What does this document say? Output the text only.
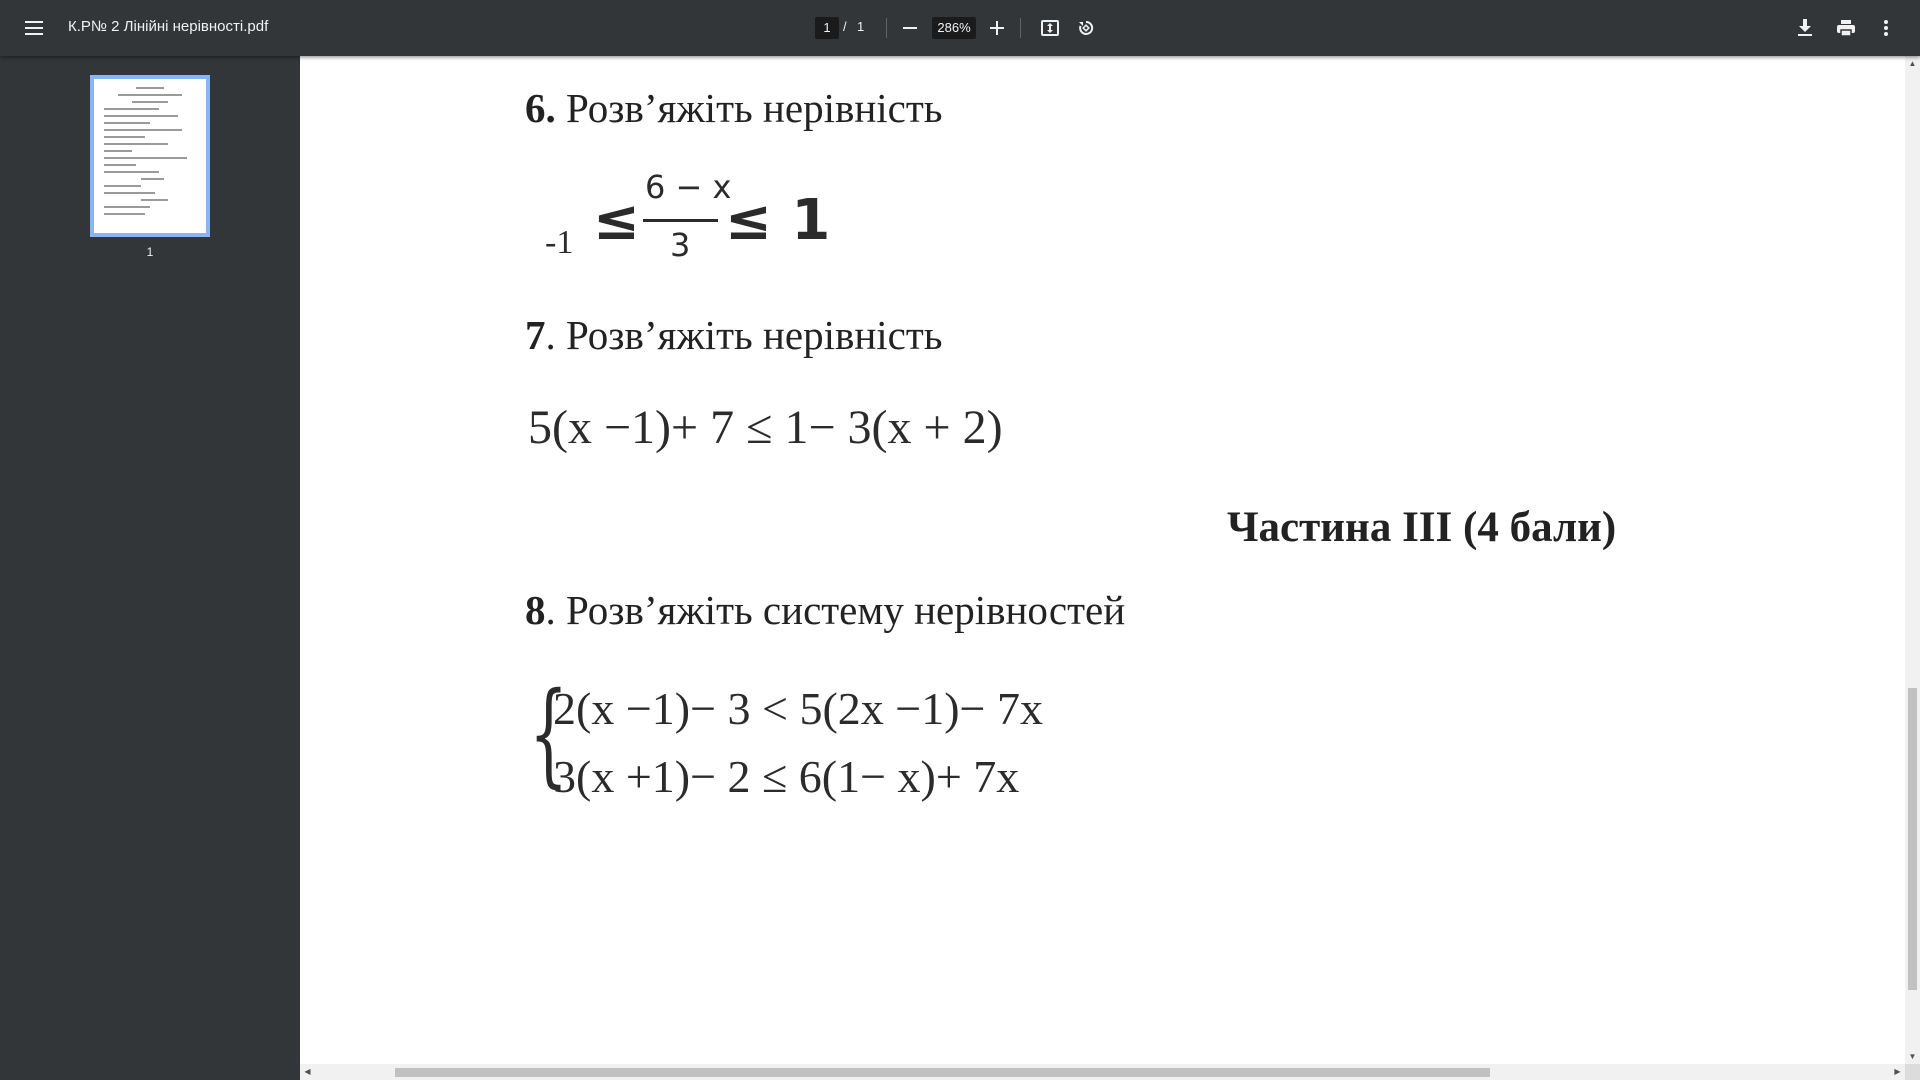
К.Р№ 2 Лінійні нерівності.pdf	1 / 1	286%
1
6. Розв’яжіть нерівність
-1 ≤
6 − x
3 ≤ 1
7. Розв’яжіть нерівність
5(x −1)+ 7 ≤ 1− 3(x + 2)
Частина ІІІ (4 бали)
8. Розв’яжіть систему нерівностей
{
2(x −1)− 3 < 5(2x −1)− 7x
3(x +1)− 2 ≤ 6(1− x)+ 7x
▲
▼
◀	▶
